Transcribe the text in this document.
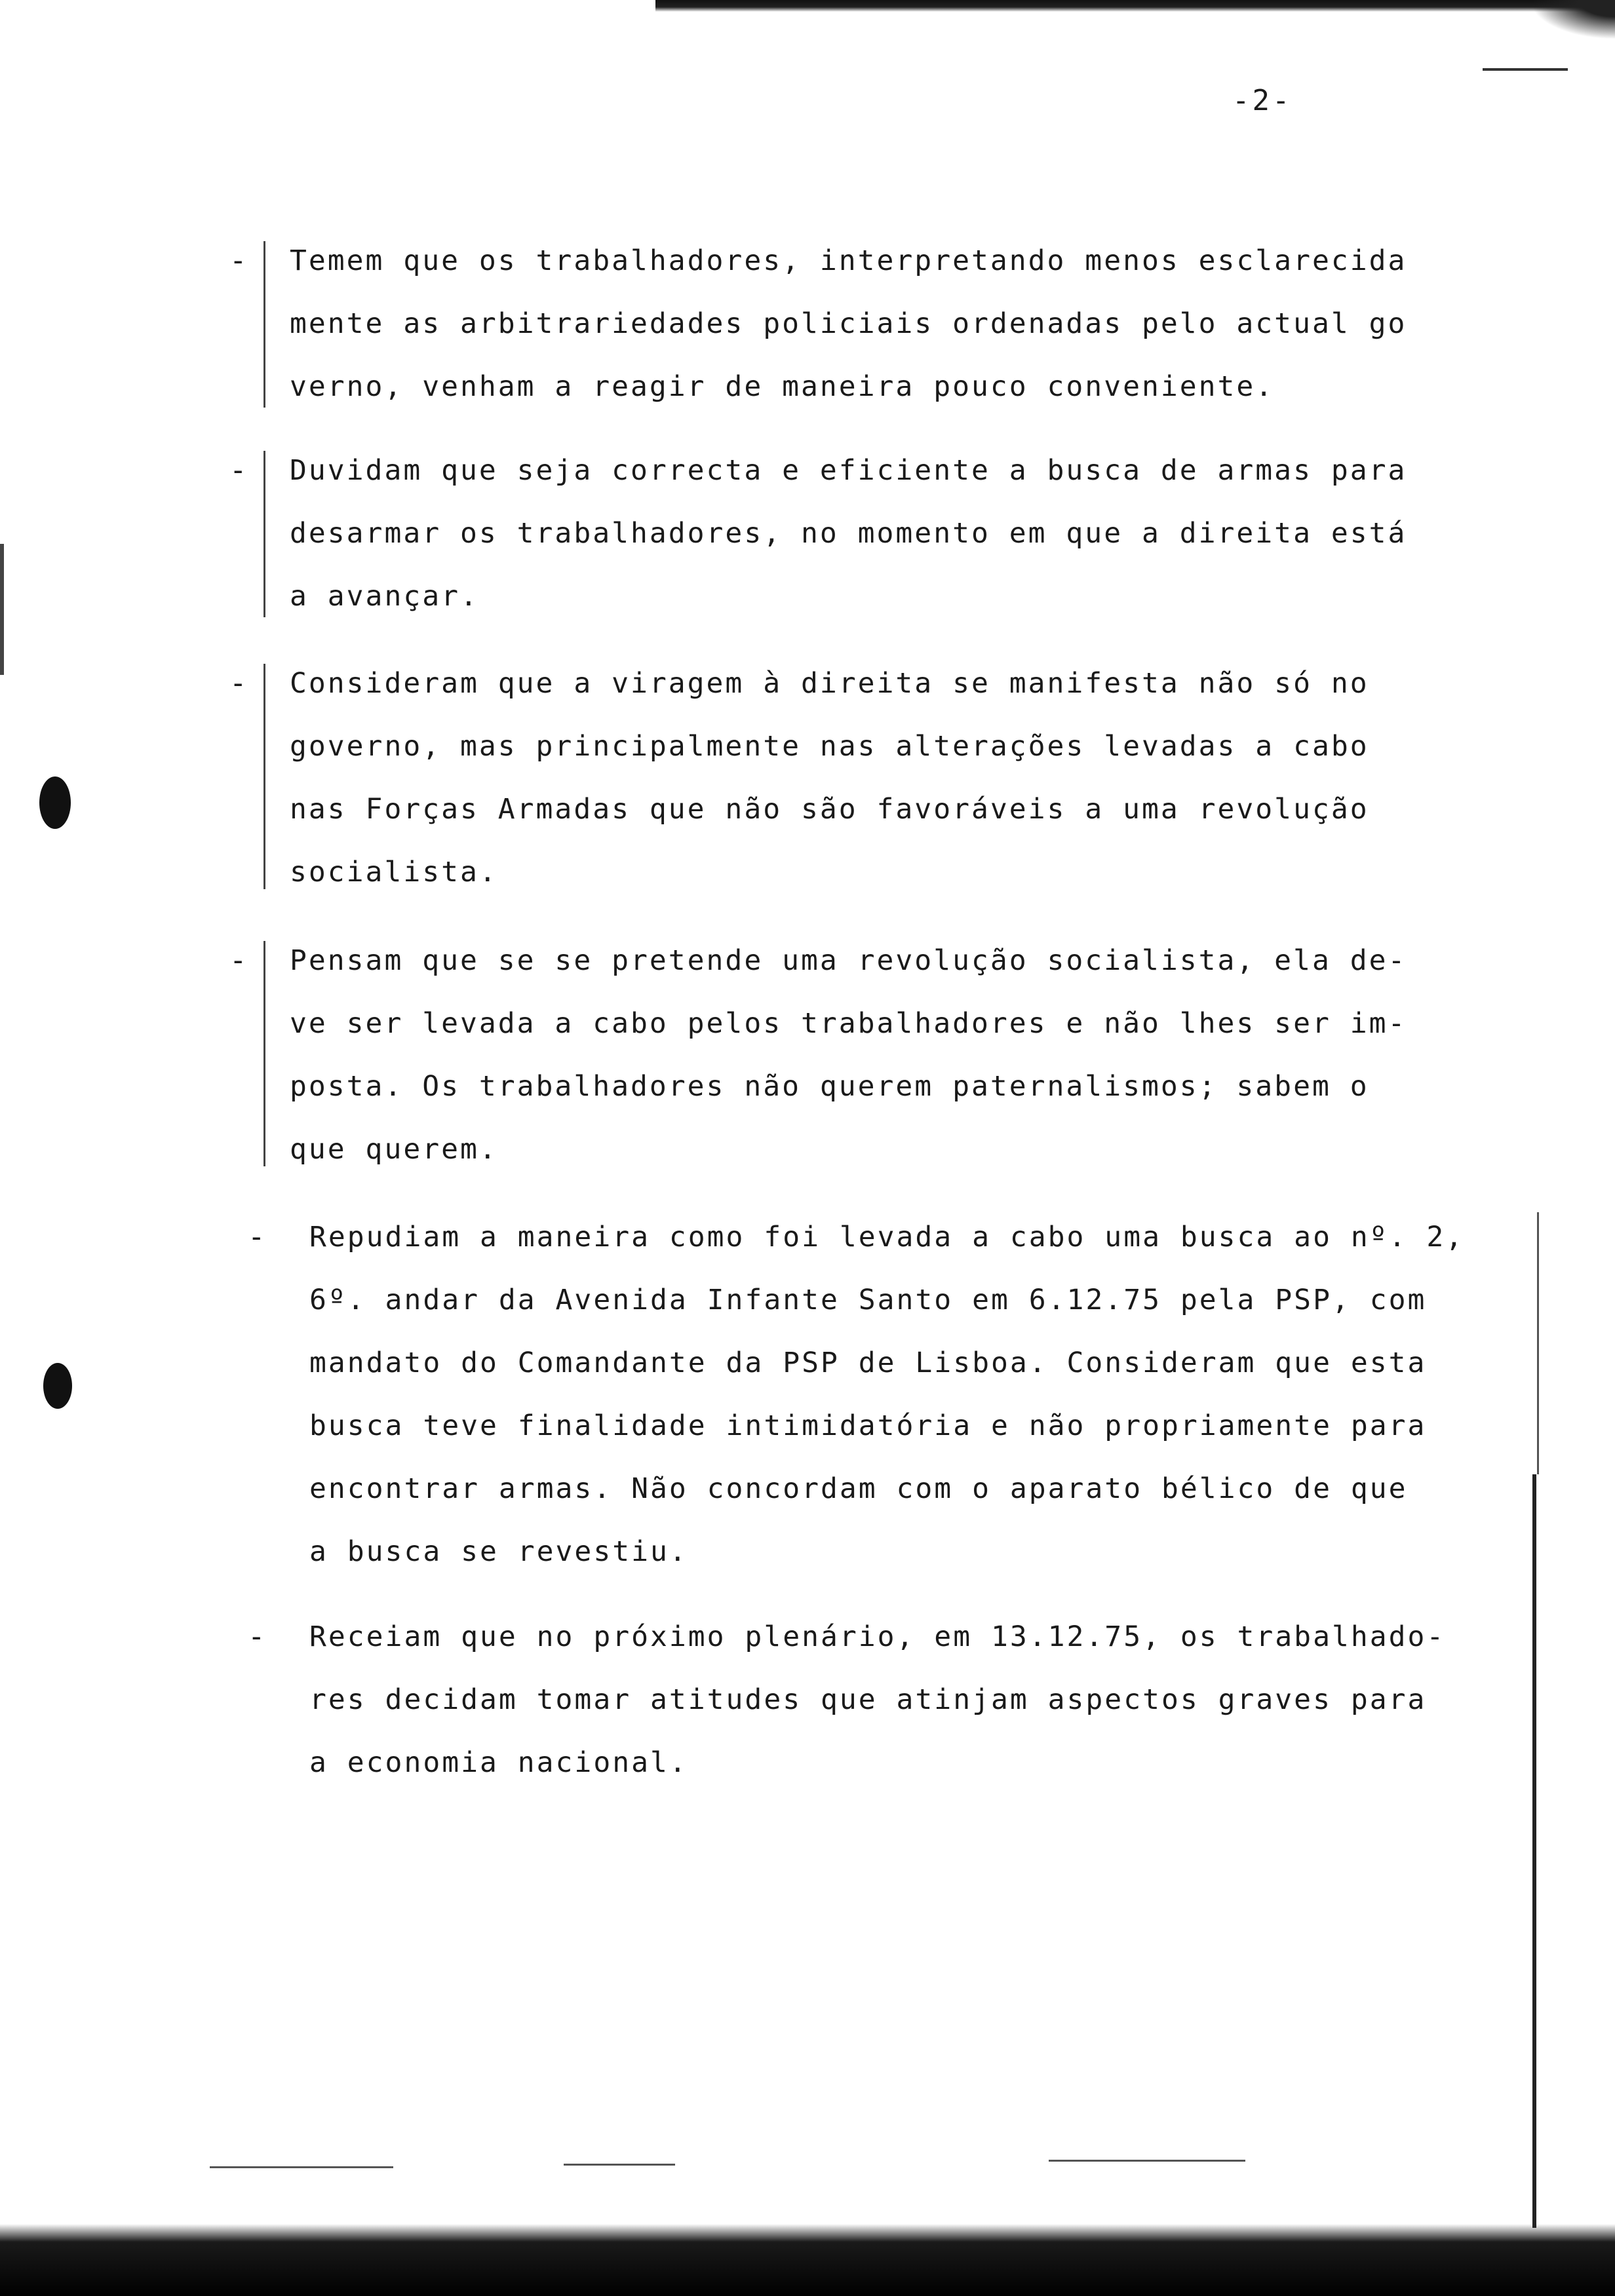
-2-
- Temem que os trabalhadores, interpretando menos esclarecida
mente as arbitrariedades policiais ordenadas pelo actual go
verno, venham a reagir de maneira pouco conveniente.
- Duvidam que seja correcta e eficiente a busca de armas para
desarmar os trabalhadores, no momento em que a direita está
a avançar.
- Consideram que a viragem à direita se manifesta não só no
governo, mas principalmente nas alterações levadas a cabo
nas Forças Armadas que não são favoráveis a uma revolução
socialista.
- Pensam que se se pretende uma revolução socialista, ela de-
ve ser levada a cabo pelos trabalhadores e não lhes ser im-
posta. Os trabalhadores não querem paternalismos; sabem o
que querem.
- Repudiam a maneira como foi levada a cabo uma busca ao nº. 2,
6º. andar da Avenida Infante Santo em 6.12.75 pela PSP, com
mandato do Comandante da PSP de Lisboa. Consideram que esta
busca teve finalidade intimidatória e não propriamente para
encontrar armas. Não concordam com o aparato bélico de que
a busca se revestiu.
- Receiam que no próximo plenário, em 13.12.75, os trabalhado-
res decidam tomar atitudes que atinjam aspectos graves para
a economia nacional.
